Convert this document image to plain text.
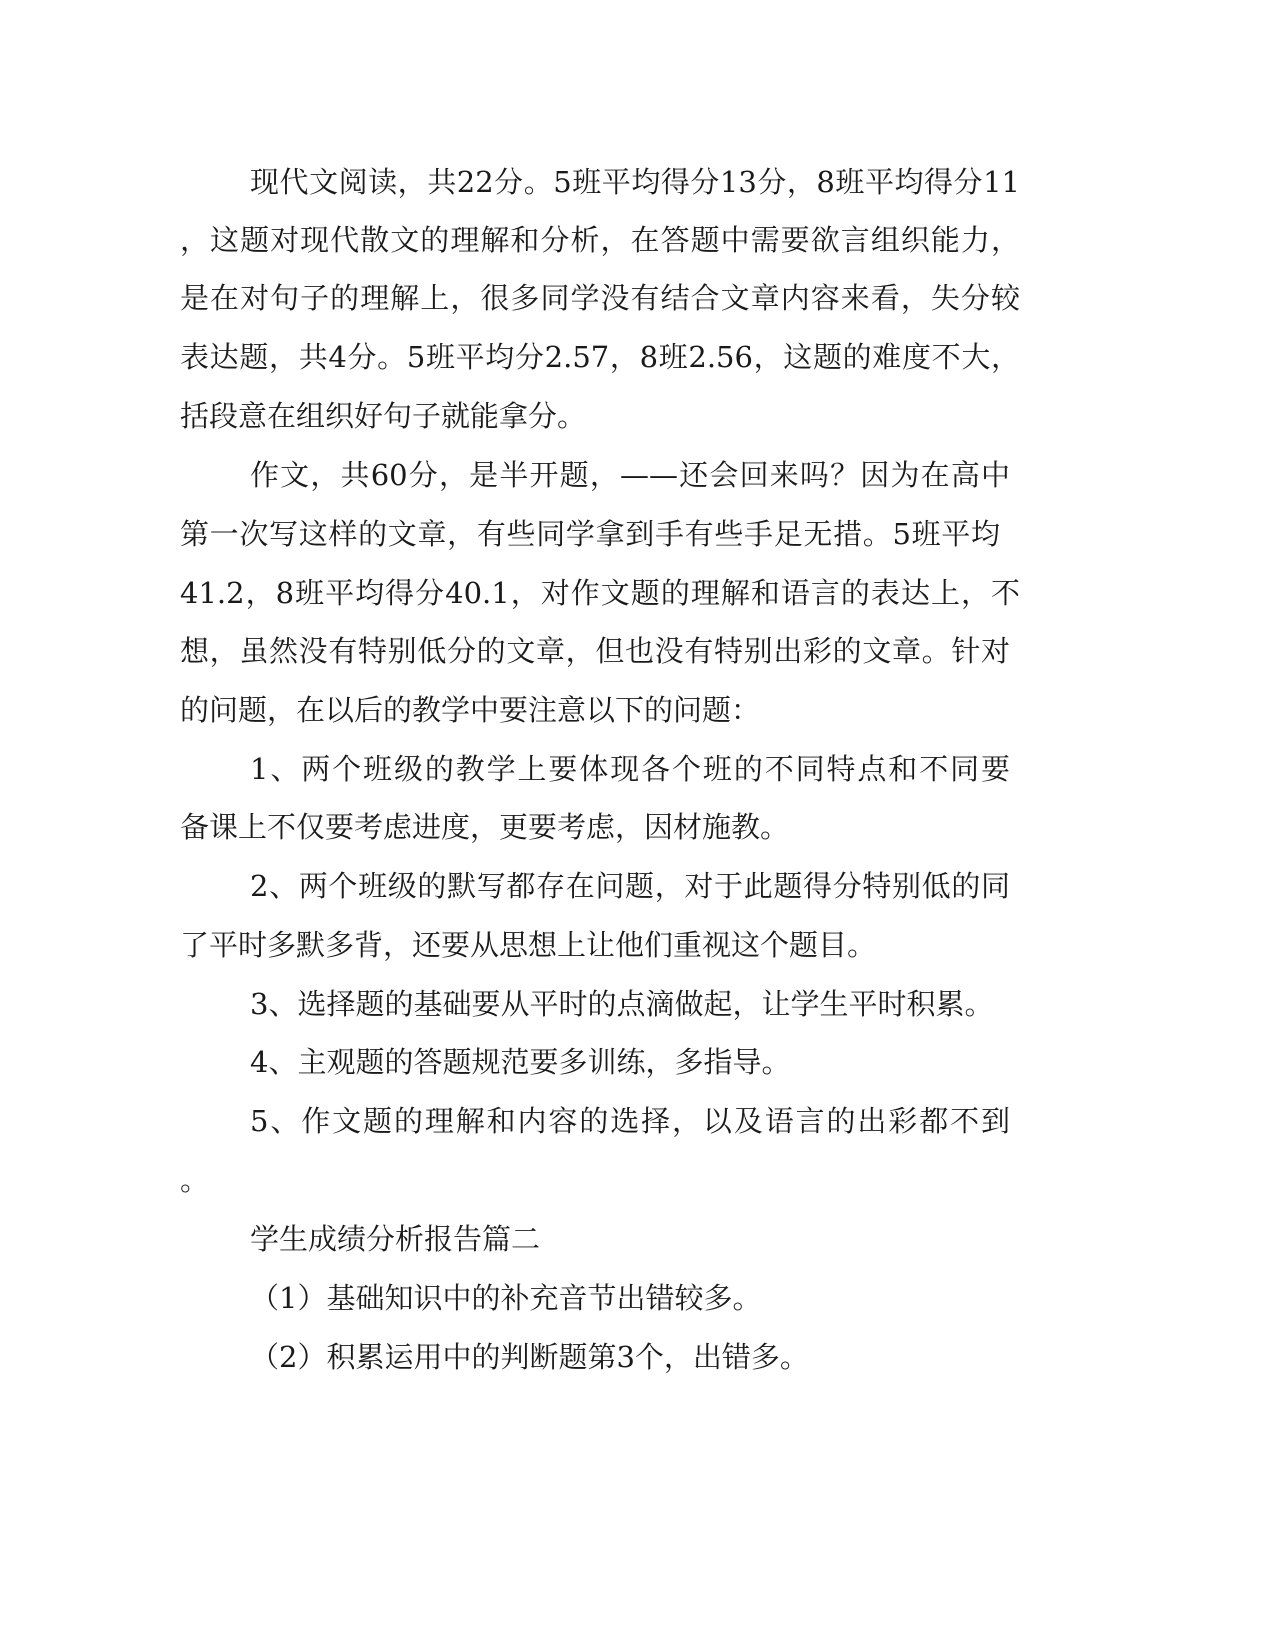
现代文阅读，共22分。5班平均得分13分，8班平均得分11
，这题对现代散文的理解和分析，在答题中需要欲言组织能力，
是在对句子的理解上，很多同学没有结合文章内容来看，失分较
表达题，共4分。5班平均分2.57，8班2.56，这题的难度不大，
括段意在组织好句子就能拿分。
作文，共60分，是半开题，——还会回来吗？因为在高中
第一次写这样的文章，有些同学拿到手有些手足无措。5班平均
41.2，8班平均得分40.1，对作文题的理解和语言的表达上，不
想，虽然没有特别低分的文章，但也没有特别出彩的文章。针对
的问题，在以后的教学中要注意以下的问题：
1、两个班级的教学上要体现各个班的不同特点和不同要
备课上不仅要考虑进度，更要考虑，因材施教。
2、两个班级的默写都存在问题，对于此题得分特别低的同
了平时多默多背，还要从思想上让他们重视这个题目。
3、选择题的基础要从平时的点滴做起，让学生平时积累。
4、主观题的答题规范要多训练，多指导。
5、作文题的理解和内容的选择，以及语言的出彩都不到
。
学生成绩分析报告篇二
（1）基础知识中的补充音节出错较多。
（2）积累运用中的判断题第3个，出错多。
